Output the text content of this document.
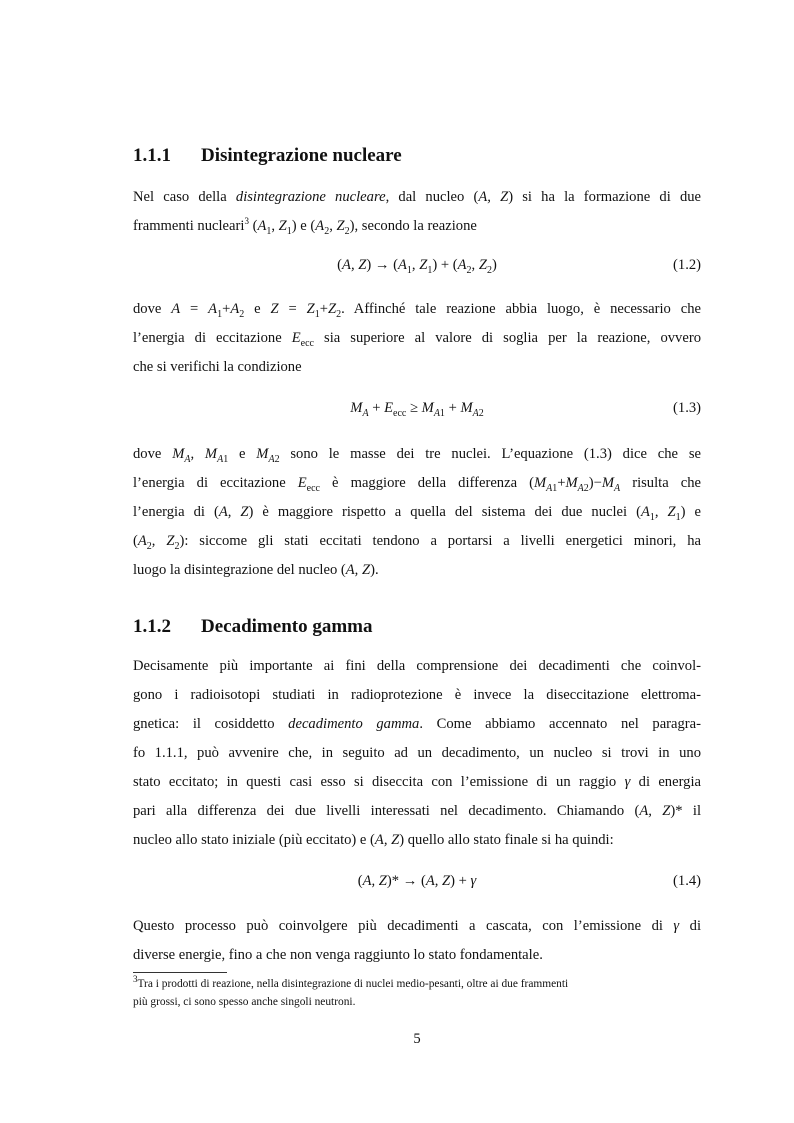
1.1.1 Disintegrazione nucleare
Nel caso della disintegrazione nucleare, dal nucleo (A, Z) si ha la formazione di due
frammenti nucleari$^3$ ($A_1$, $Z_1$) e ($A_2$, $Z_2$), secondo la reazione
(A, $Z) \to (A_1$, $Z_1) + (A_2$, $Z_2$)	(1.2)
dove $A = A_1+A_2$ e $Z = Z_1+Z_2$. Affinché tale reazione abbia luogo, è necessario che
l’energia di eccitazione $E_{ecc}$ sia superiore al valore di soglia per la reazione, ovvero
che si verifichi la condizione
$M_A + E_{ecc} \ge M_{A1} + M_{A2}$	(1.3)
dove $M_A$, $M_{A1}$ e $M_{A2}$ sono le masse dei tre nuclei. L’equazione (1.3) dice che se
l’energia di eccitazione $E_{ecc}$ è maggiore della differenza $(M_{A1}+M_{A2})-M_A$ risulta che
l’energia di (A, Z) è maggiore rispetto a quella del sistema dei due nuclei ($A_1$, $Z_1$) e
($A_2$, $Z_2$): siccome gli stati eccitati tendono a portarsi a livelli energetici minori, ha
luogo la disintegrazione del nucleo (A, Z).
1.1.2 Decadimento gamma
Decisamente più importante ai fini della comprensione dei decadimenti che coinvol-
gono i radioisotopi studiati in radioprotezione è invece la diseccitazione elettroma-
gnetica: il cosiddetto decadimento gamma. Come abbiamo accennato nel paragra-
fo 1.1.1, può avvenire che, in seguito ad un decadimento, un nucleo si trovi in uno
stato eccitato; in questi casi esso si diseccita con l’emissione di un raggio γ di energia
pari alla differenza dei due livelli interessati nel decadimento. Chiamando (A, Z)* il
nucleo allo stato iniziale (più eccitato) e (A, Z) quello allo stato finale si ha quindi:
(A, Z)* → (A, Z) + γ	(1.4)
Questo processo può coinvolgere più decadimenti a cascata, con l’emissione di γ di
diverse energie, fino a che non venga raggiunto lo stato fondamentale.
$^3$Tra i prodotti di reazione, nella disintegrazione di nuclei medio-pesanti, oltre ai due frammenti
più grossi, ci sono spesso anche singoli neutroni.
5
